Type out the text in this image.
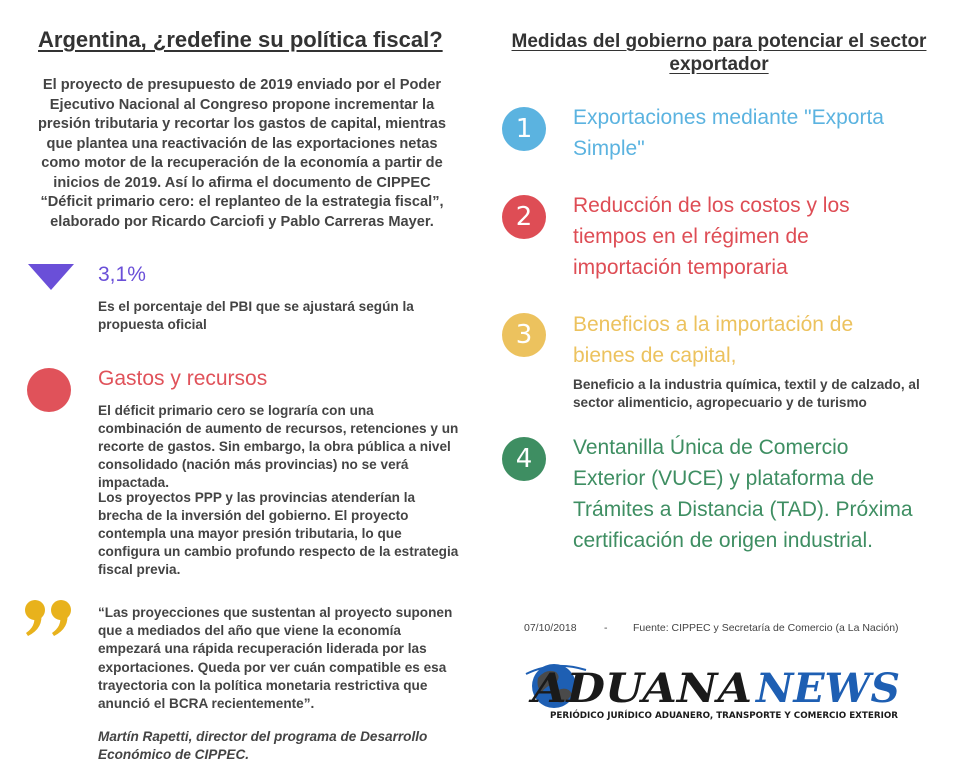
Argentina, ¿redefine su política fiscal?

El proyecto de presupuesto de 2019 enviado por el Poder Ejecutivo Nacional al Congreso propone incrementar la presión tributaria y recortar los gastos de capital, mientras que plantea una reactivación de las exportaciones netas como motor de la recuperación de la economía a partir de inicios de 2019. Así lo afirma el documento de CIPPEC “Déficit primario cero: el replanteo de la estrategia fiscal”, elaborado por Ricardo Carciofi y Pablo Carreras Mayer.

3,1%

Es el porcentaje del PBI que se ajustará según la propuesta oficial

Gastos y recursos

El déficit primario cero se lograría con una combinación de aumento de recursos, retenciones y un recorte de gastos. Sin embargo, la obra pública a nivel consolidado (nación más provincias) no se verá impactada.

Los proyectos PPP y las provincias atenderían la brecha de la inversión del gobierno. El proyecto contempla una mayor presión tributaria, lo que configura un cambio profundo respecto de la estrategia fiscal previa.

“Las proyecciones que sustentan al proyecto suponen que a mediados del año que viene la economía empezará una rápida recuperación liderada por las exportaciones. Queda por ver cuán compatible es esa trayectoria con la política monetaria restrictiva que anunció el BCRA recientemente”.

Martín Rapetti, director del programa de Desarrollo Económico de CIPPEC.

Medidas del gobierno para potenciar el sector exportador
1	Exportaciones mediante "Exporta Simple"
2	Reducción de los costos y los tiempos en el régimen de importación temporaria
3	Beneficios a la importación de bienes de capital,

Beneficio a la industria química, textil y de calzado, al sector alimenticio, agropecuario y de turismo

4	Ventanilla Única de Comercio Exterior (VUCE) y plataforma de Trámites a Distancia (TAD). Próxima certificación de origen industrial.
07/10/2018	- Fuente: CIPPEC y Secretaría de Comercio (a La Nación)
ADUANA NEWS
PERIÓDICO JURÍDICO ADUANERO, TRANSPORTE Y COMERCIO EXTERIOR
